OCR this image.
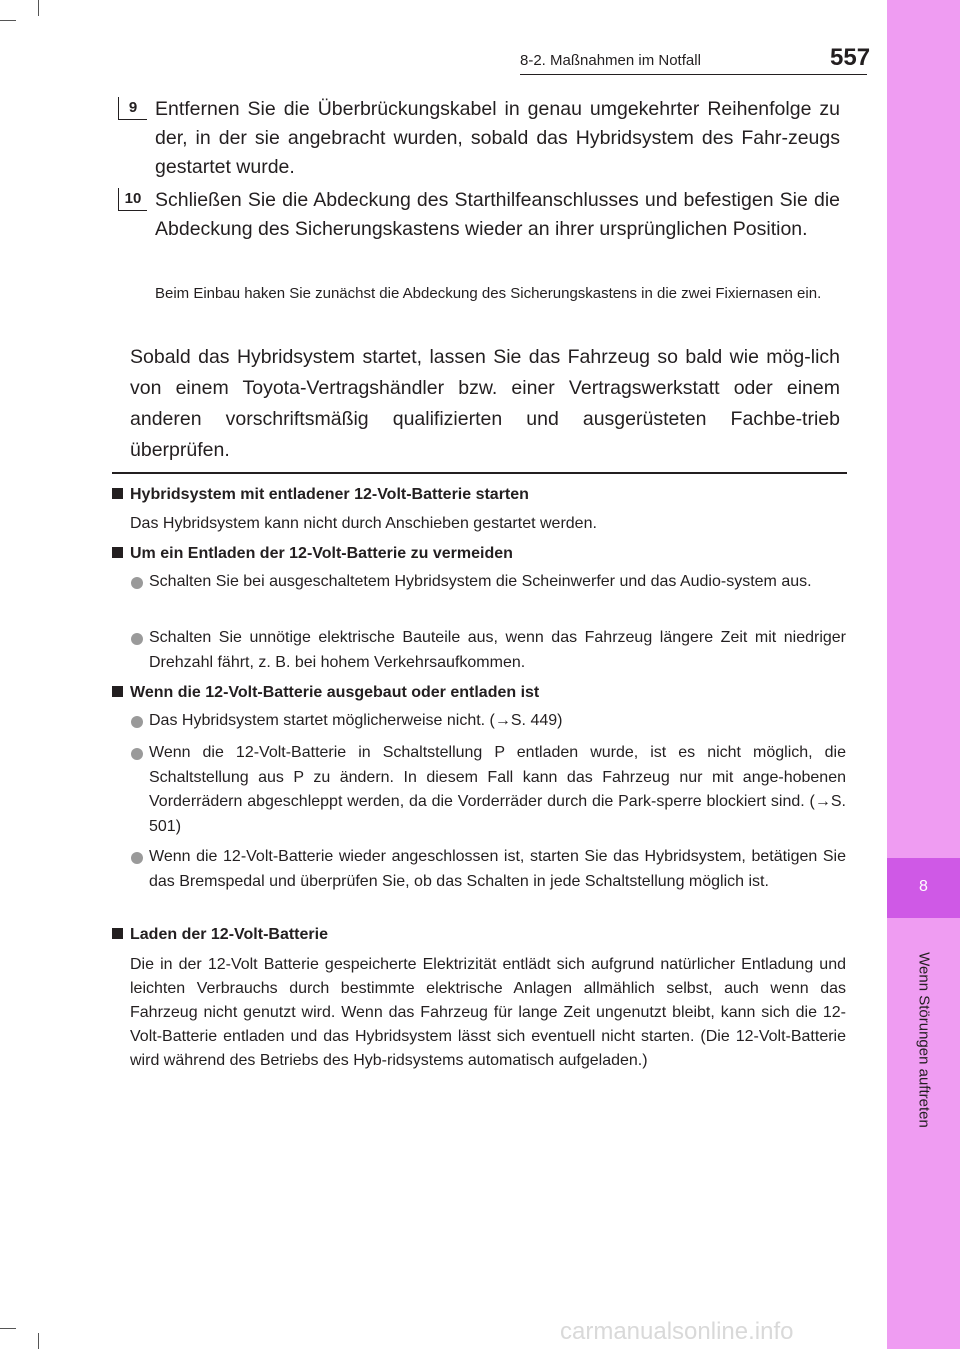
8
Wenn Störungen auftreten
8-2. Maßnahmen im Notfall	557
9 Entfernen Sie die Überbrückungskabel in genau umgekehrter Reihenfolge zu der, in der sie angebracht wurden, sobald das Hybridsystem des Fahr-zeugs gestartet wurde.
10 Schließen Sie die Abdeckung des Starthilfeanschlusses und befestigen Sie die Abdeckung des Sicherungskastens wieder an ihrer ursprünglichen Position.
Beim Einbau haken Sie zunächst die Abdeckung des Sicherungskastens in die zwei Fixiernasen ein.
Sobald das Hybridsystem startet, lassen Sie das Fahrzeug so bald wie mög-lich von einem Toyota-Vertragshändler bzw. einer Vertragswerkstatt oder einem anderen vorschriftsmäßig qualifizierten und ausgerüsteten Fachbe-trieb überprüfen.
Hybridsystem mit entladener 12-Volt-Batterie starten
Das Hybridsystem kann nicht durch Anschieben gestartet werden.
Um ein Entladen der 12-Volt-Batterie zu vermeiden
Schalten Sie bei ausgeschaltetem Hybridsystem die Scheinwerfer und das Audio-system aus.
Schalten Sie unnötige elektrische Bauteile aus, wenn das Fahrzeug längere Zeit mit niedriger Drehzahl fährt, z. B. bei hohem Verkehrsaufkommen.
Wenn die 12-Volt-Batterie ausgebaut oder entladen ist
Das Hybridsystem startet möglicherweise nicht. (→S. 449)
Wenn die 12-Volt-Batterie in Schaltstellung P entladen wurde, ist es nicht möglich, die Schaltstellung aus P zu ändern. In diesem Fall kann das Fahrzeug nur mit ange-hobenen Vorderrädern abgeschleppt werden, da die Vorderräder durch die Park-sperre blockiert sind. (→S. 501)
Wenn die 12-Volt-Batterie wieder angeschlossen ist, starten Sie das Hybridsystem, betätigen Sie das Bremspedal und überprüfen Sie, ob das Schalten in jede Schaltstellung möglich ist.
Laden der 12-Volt-Batterie
Die in der 12-Volt Batterie gespeicherte Elektrizität entlädt sich aufgrund natürlicher Entladung und leichten Verbrauchs durch bestimmte elektrische Anlagen allmählich selbst, auch wenn das Fahrzeug nicht genutzt wird. Wenn das Fahrzeug für lange Zeit ungenutzt bleibt, kann sich die 12-Volt-Batterie entladen und das Hybridsystem lässt sich eventuell nicht starten. (Die 12-Volt-Batterie wird während des Betriebs des Hyb-ridsystems automatisch aufgeladen.)
carmanualsonline.info
